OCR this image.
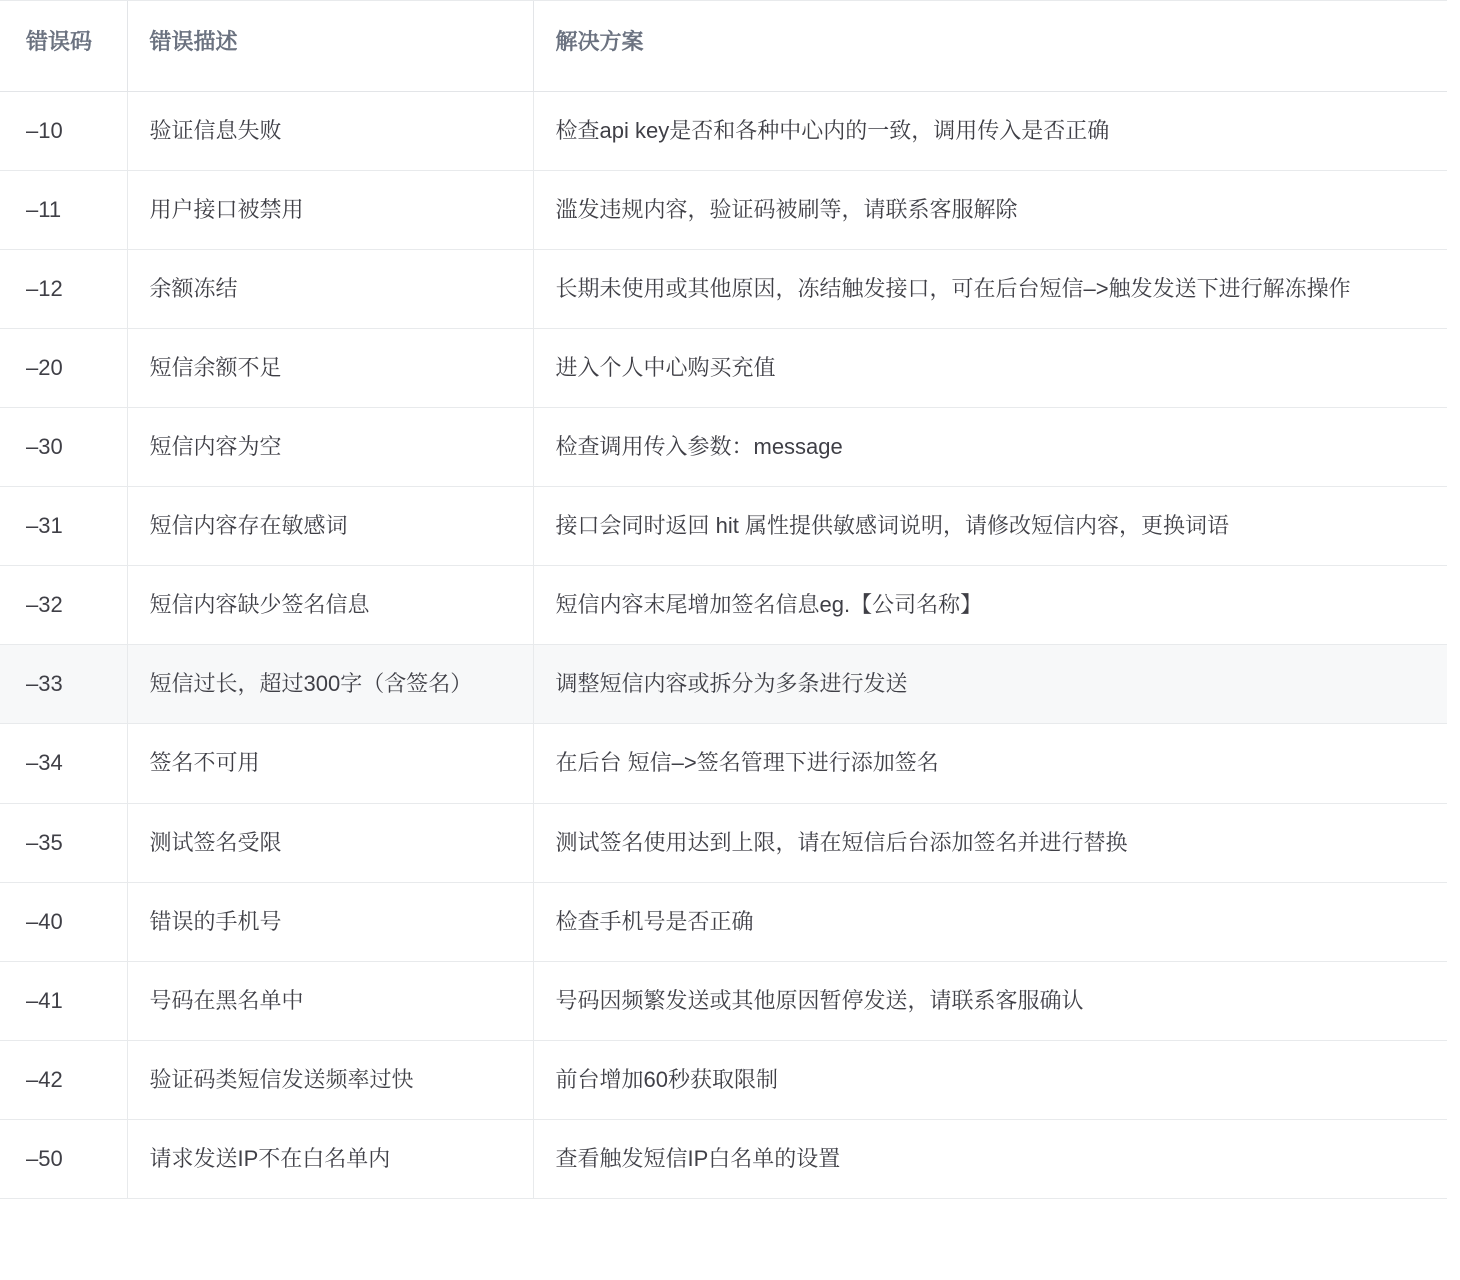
错误码	错误描述	解决方案
–10	验证信息失败	检查api key是否和各种中心内的一致，调用传入是否正确
–11	用户接口被禁用	滥发违规内容，验证码被刷等，请联系客服解除
–12	余额冻结	长期未使用或其他原因，冻结触发接口，可在后台短信–>触发发送下进行解冻操作
–20	短信余额不足	进入个人中心购买充值
–30	短信内容为空	检查调用传入参数：message
–31	短信内容存在敏感词	接口会同时返回 hit 属性提供敏感词说明，请修改短信内容，更换词语
–32	短信内容缺少签名信息	短信内容末尾增加签名信息eg.【公司名称】
–33	短信过长，超过300字（含签名）	调整短信内容或拆分为多条进行发送
–34	签名不可用	在后台 短信–>签名管理下进行添加签名
–35	测试签名受限	测试签名使用达到上限，请在短信后台添加签名并进行替换
–40	错误的手机号	检查手机号是否正确
–41	号码在黑名单中	号码因频繁发送或其他原因暂停发送，请联系客服确认
–42	验证码类短信发送频率过快	前台增加60秒获取限制
–50	请求发送IP不在白名单内	查看触发短信IP白名单的设置
